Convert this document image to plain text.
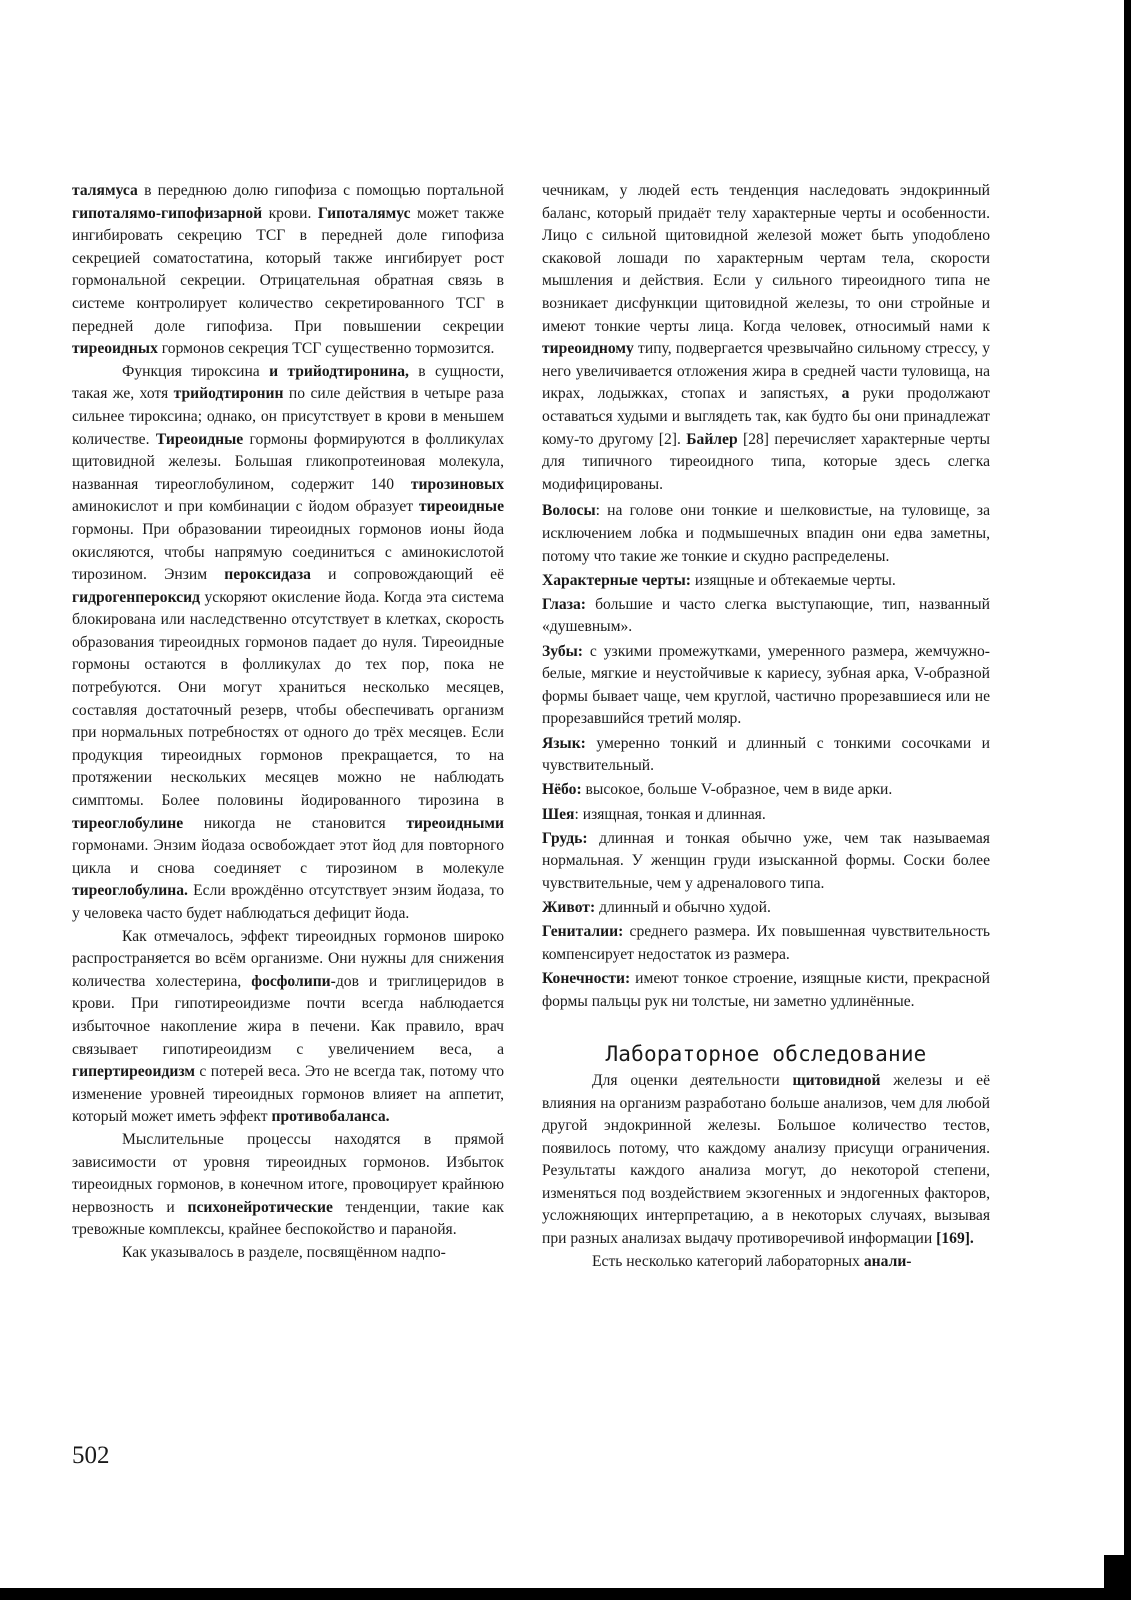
талямуса в переднюю долю гипофиза с помощью портальной гипоталямо-гипофизарной крови. Гипоталямус может также ингибировать секрецию ТСГ в передней доле гипофиза секрецией соматостатина, который также ингибирует рост гормональной секреции. Отрицательная обратная связь в системе контролирует количество секретированного ТСГ в передней доле гипофиза. При повышении секреции тиреоидных гормонов секреция ТСГ существенно тормозится.

Функция тироксина и трийодтиронина, в сущности, такая же, хотя трийодтиронин по силе действия в четыре раза сильнее тироксина; однако, он присутствует в крови в меньшем количестве. Тиреоидные гормоны формируются в фолликулах щитовидной железы. Большая гликопротеиновая молекула, названная тиреоглобулином, содержит 140 тирозиновых аминокислот и при комбинации с йодом образует тиреоидные гормоны. При образовании тиреоидных гормонов ионы йода окисляются, чтобы напрямую соединиться с аминокислотой тирозином. Энзим пероксидаза и сопровождающий её гидрогенпероксид ускоряют окисление йода. Когда эта система блокирована или наследственно отсутствует в клетках, скорость образования тиреоидных гормонов падает до нуля. Тиреоидные гормоны остаются в фолликулах до тех пор, пока не потребуются. Они могут храниться несколько месяцев, составляя достаточный резерв, чтобы обеспечивать организм при нормальных потребностях от одного до трёх месяцев. Если продукция тиреоидных гормонов прекращается, то на протяжении нескольких месяцев можно не наблюдать симптомы. Более половины йодированного тирозина в тиреоглобулине никогда не становится тиреоидными гормонами. Энзим йодаза освобождает этот йод для повторного цикла и снова соединяет с тирозином в молекуле тиреоглобулина. Если врождённо отсутствует энзим йодаза, то у человека часто будет наблюдаться дефицит йода.

Как отмечалось, эффект тиреоидных гормонов широко распространяется во всём организме. Они нужны для снижения количества холестерина, фосфолипи-дов и триглицеридов в крови. При гипотиреоидизме почти всегда наблюдается избыточное накопление жира в печени. Как правило, врач связывает гипотиреоидизм с увеличением веса, а гипертиреоидизм с потерей веса. Это не всегда так, потому что изменение уровней тиреоидных гормонов влияет на аппетит, который может иметь эффект противобаланса.

Мыслительные процессы находятся в прямой зависимости от уровня тиреоидных гормонов. Избыток тиреоидных гормонов, в конечном итоге, провоцирует крайнюю нервозность и психонейротические тенденции, такие как тревожные комплексы, крайнее беспокойство и паранойя.

Как указывалось в разделе, посвящённом надпо-

чечникам, у людей есть тенденция наследовать эндокринный баланс, который придаёт телу характерные черты и особенности. Лицо с сильной щитовидной железой может быть уподоблено скаковой лошади по характерным чертам тела, скорости мышления и действия. Если у сильного тиреоидного типа не возникает дисфункции щитовидной железы, то они стройные и имеют тонкие черты лица. Когда человек, относимый нами к тиреоидному типу, подвергается чрезвычайно сильному стрессу, у него увеличивается отложения жира в средней части туловища, на икрах, лодыжках, стопах и запястьях, а руки продолжают оставаться худыми и выглядеть так, как будто бы они принадлежат кому-то другому [2]. Байлер [28] перечисляет характерные черты для типичного тиреоидного типа, которые здесь слегка модифицированы.

Волосы: на голове они тонкие и шелковистые, на туловище, за исключением лобка и подмышечных впадин они едва заметны, потому что такие же тонкие и скудно распределены.

Характерные черты: изящные и обтекаемые черты.

Глаза: большие и часто слегка выступающие, тип, названный «душевным».

Зубы: с узкими промежутками, умеренного размера, жемчужно-белые, мягкие и неустойчивые к кариесу, зубная арка, V-образной формы бывает чаще, чем круглой, частично прорезавшиеся или не прорезавшийся третий моляр.

Язык: умеренно тонкий и длинный с тонкими сосочками и чувствительный.

Нёбо: высокое, больше V-образное, чем в виде арки.

Шея: изящная, тонкая и длинная.

Грудь: длинная и тонкая обычно уже, чем так называемая нормальная. У женщин груди изысканной формы. Соски более чувствительные, чем у адреналового типа.

Живот: длинный и обычно худой.

Гениталии: среднего размера. Их повышенная чувствительность компенсирует недостаток из размера.

Конечности: имеют тонкое строение, изящные кисти, прекрасной формы пальцы рук ни толстые, ни заметно удлинённые.

Лабораторное обследование

Для оценки деятельности щитовидной железы и её влияния на организм разработано больше анализов, чем для любой другой эндокринной железы. Большое количество тестов, появилось потому, что каждому анализу присущи ограничения. Результаты каждого анализа могут, до некоторой степени, изменяться под воздействием экзогенных и эндогенных факторов, усложняющих интерпретацию, а в некоторых случаях, вызывая при разных анализах выдачу противоречивой информации [169].

Есть несколько категорий лабораторных анали-

502
